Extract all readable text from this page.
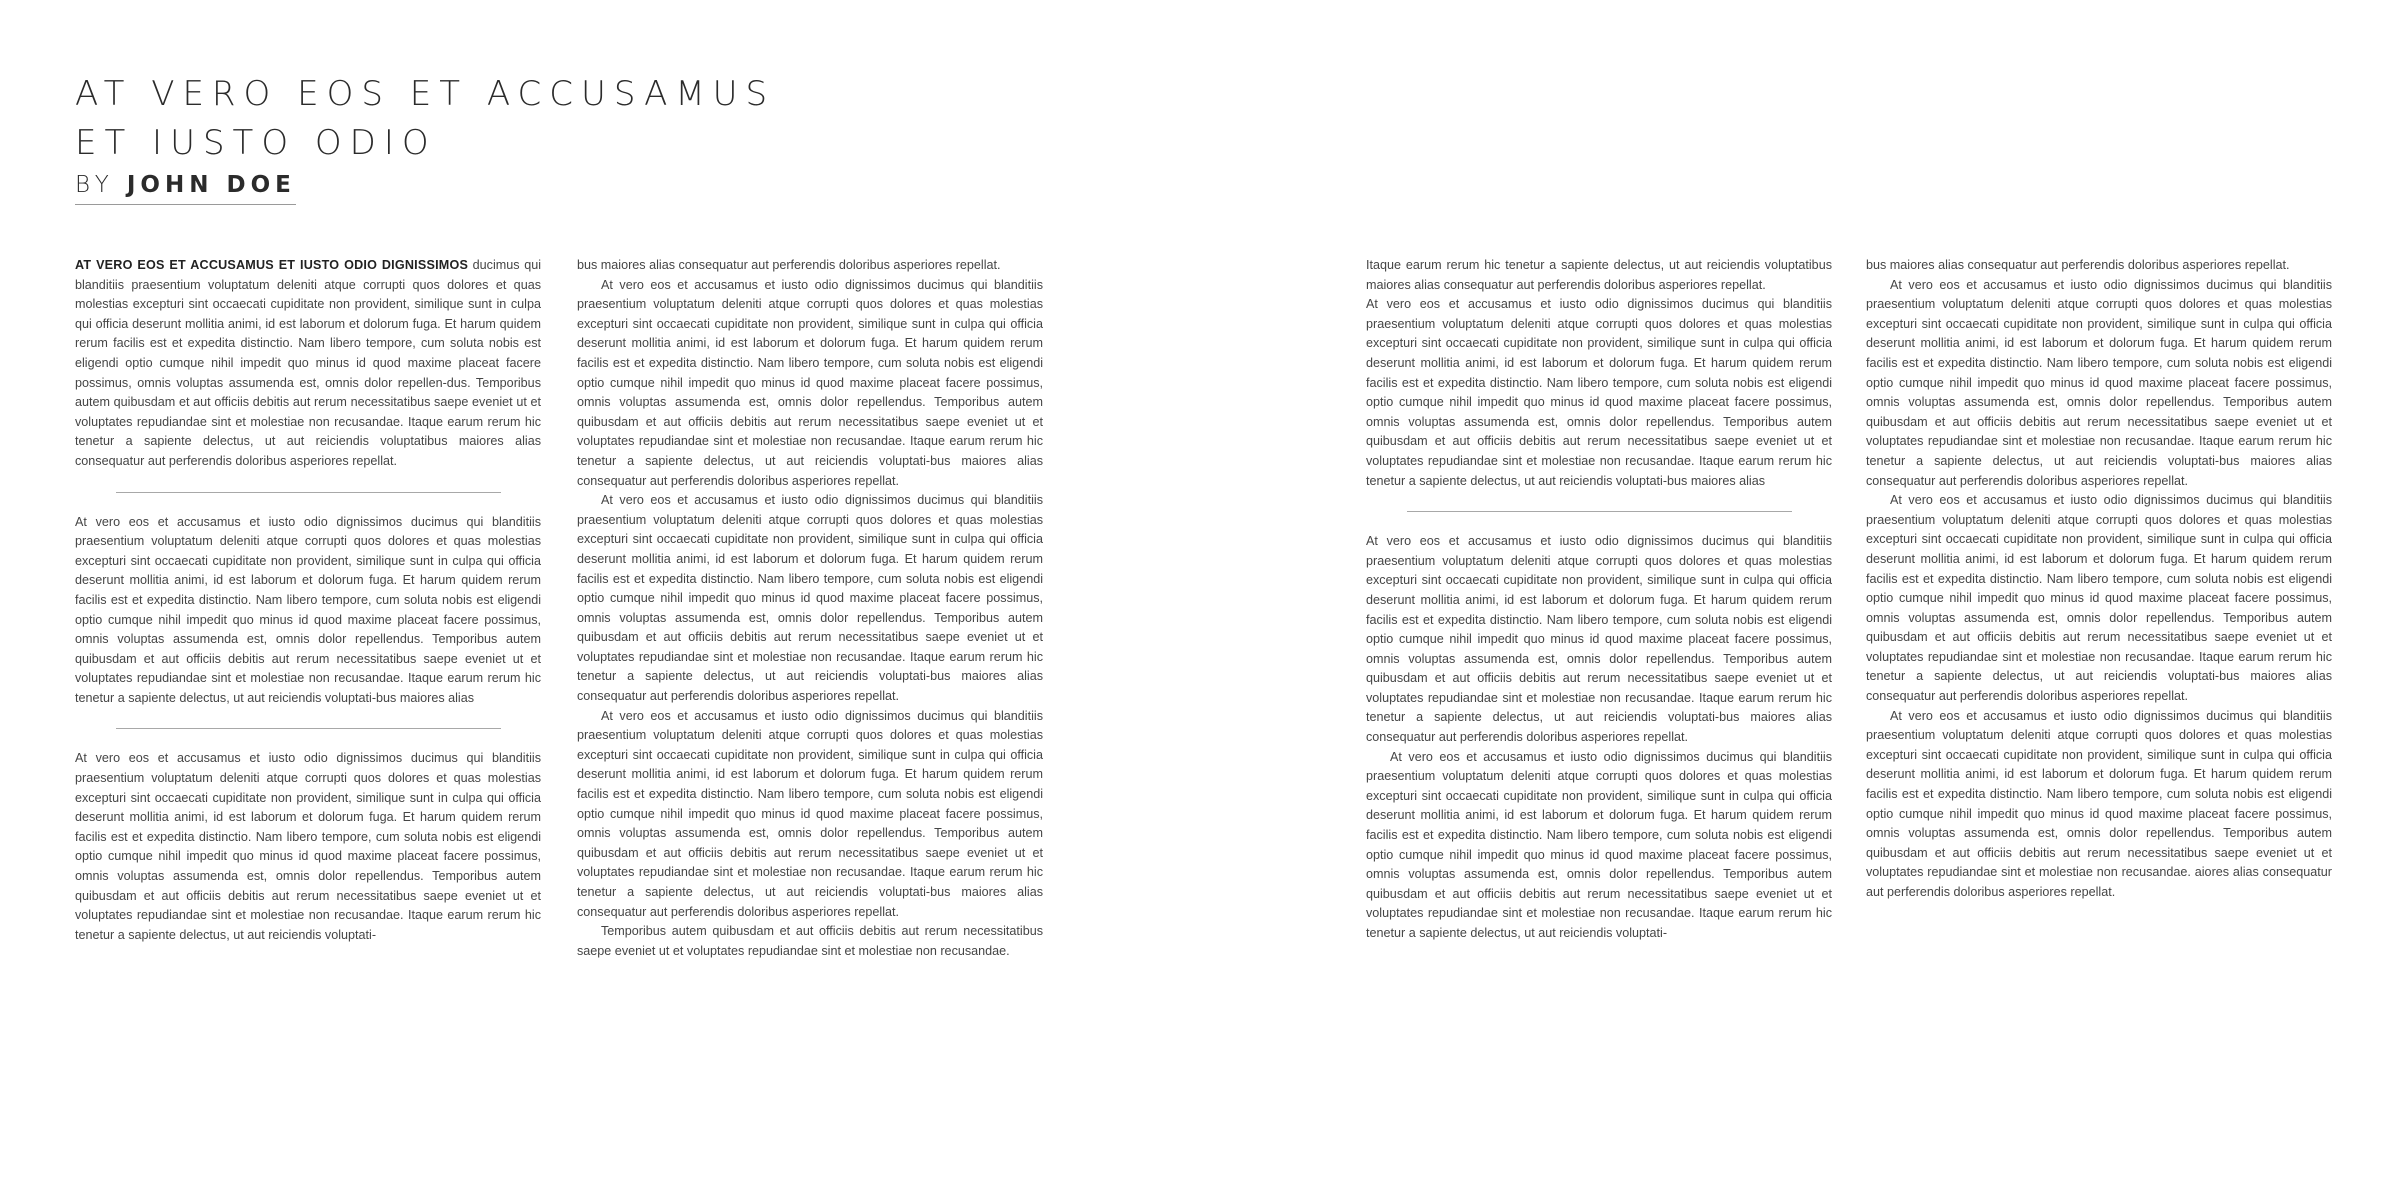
AT VERO EOS ET ACCUSAMUS
ET IUSTO ODIO
BY JOHN DOE

AT VERO EOS ET ACCUSAMUS ET IUSTO ODIO DIGNISSIMOS ducimus qui blanditiis praesentium voluptatum deleniti atque corrupti quos dolores et quas molestias excepturi sint occaecati cupiditate non provident, similique sunt in culpa qui officia deserunt mollitia animi, id est laborum et dolorum fuga. Et harum quidem rerum facilis est et expedita distinctio. Nam libero tempore, cum soluta nobis est eligendi optio cumque nihil impedit quo minus id quod maxime placeat facere possimus, omnis voluptas assumenda est, omnis dolor repellen-dus. Temporibus autem quibusdam et aut officiis debitis aut rerum necessitatibus saepe eveniet ut et voluptates repudiandae sint et molestiae non recusandae. Itaque earum rerum hic tenetur a sapiente delectus, ut aut reiciendis voluptatibus maiores alias consequatur aut perferendis doloribus asperiores repellat.

At vero eos et accusamus et iusto odio dignissimos ducimus qui blanditiis praesentium voluptatum deleniti atque corrupti quos dolores et quas molestias excepturi sint occaecati cupiditate non provident, similique sunt in culpa qui officia deserunt mollitia animi, id est laborum et dolorum fuga. Et harum quidem rerum facilis est et expedita distinctio. Nam libero tempore, cum soluta nobis est eligendi optio cumque nihil impedit quo minus id quod maxime placeat facere possimus, omnis voluptas assumenda est, omnis dolor repellendus. Temporibus autem quibusdam et aut officiis debitis aut rerum necessitatibus saepe eveniet ut et voluptates repudiandae sint et molestiae non recusandae. Itaque earum rerum hic tenetur a sapiente delectus, ut aut reiciendis voluptati-bus maiores alias

At vero eos et accusamus et iusto odio dignissimos ducimus qui blanditiis praesentium voluptatum deleniti atque corrupti quos dolores et quas molestias excepturi sint occaecati cupiditate non provident, similique sunt in culpa qui officia deserunt mollitia animi, id est laborum et dolorum fuga. Et harum quidem rerum facilis est et expedita distinctio. Nam libero tempore, cum soluta nobis est eligendi optio cumque nihil impedit quo minus id quod maxime placeat facere possimus, omnis voluptas assumenda est, omnis dolor repellendus. Temporibus autem quibusdam et aut officiis debitis aut rerum necessitatibus saepe eveniet ut et voluptates repudiandae sint et molestiae non recusandae. Itaque earum rerum hic tenetur a sapiente delectus, ut aut reiciendis voluptati-

bus maiores alias consequatur aut perferendis doloribus asperiores repellat.

At vero eos et accusamus et iusto odio dignissimos ducimus qui blanditiis praesentium voluptatum deleniti atque corrupti quos dolores et quas molestias excepturi sint occaecati cupiditate non provident, similique sunt in culpa qui officia deserunt mollitia animi, id est laborum et dolorum fuga. Et harum quidem rerum facilis est et expedita distinctio. Nam libero tempore, cum soluta nobis est eligendi optio cumque nihil impedit quo minus id quod maxime placeat facere possimus, omnis voluptas assumenda est, omnis dolor repellendus. Temporibus autem quibusdam et aut officiis debitis aut rerum necessitatibus saepe eveniet ut et voluptates repudiandae sint et molestiae non recusandae. Itaque earum rerum hic tenetur a sapiente delectus, ut aut reiciendis voluptati-bus maiores alias consequatur aut perferendis doloribus asperiores repellat.

At vero eos et accusamus et iusto odio dignissimos ducimus qui blanditiis praesentium voluptatum deleniti atque corrupti quos dolores et quas molestias excepturi sint occaecati cupiditate non provident, similique sunt in culpa qui officia deserunt mollitia animi, id est laborum et dolorum fuga. Et harum quidem rerum facilis est et expedita distinctio. Nam libero tempore, cum soluta nobis est eligendi optio cumque nihil impedit quo minus id quod maxime placeat facere possimus, omnis voluptas assumenda est, omnis dolor repellendus. Temporibus autem quibusdam et aut officiis debitis aut rerum necessitatibus saepe eveniet ut et voluptates repudiandae sint et molestiae non recusandae. Itaque earum rerum hic tenetur a sapiente delectus, ut aut reiciendis voluptati-bus maiores alias consequatur aut perferendis doloribus asperiores repellat.

At vero eos et accusamus et iusto odio dignissimos ducimus qui blanditiis praesentium voluptatum deleniti atque corrupti quos dolores et quas molestias excepturi sint occaecati cupiditate non provident, similique sunt in culpa qui officia deserunt mollitia animi, id est laborum et dolorum fuga. Et harum quidem rerum facilis est et expedita distinctio. Nam libero tempore, cum soluta nobis est eligendi optio cumque nihil impedit quo minus id quod maxime placeat facere possimus, omnis voluptas assumenda est, omnis dolor repellendus. Temporibus autem quibusdam et aut officiis debitis aut rerum necessitatibus saepe eveniet ut et voluptates repudiandae sint et molestiae non recusandae. Itaque earum rerum hic tenetur a sapiente delectus, ut aut reiciendis voluptati-bus maiores alias consequatur aut perferendis doloribus asperiores repellat.

Temporibus autem quibusdam et aut officiis debitis aut rerum necessitatibus saepe eveniet ut et voluptates repudiandae sint et molestiae non recusandae.

Itaque earum rerum hic tenetur a sapiente delectus, ut aut reiciendis voluptatibus maiores alias consequatur aut perferendis doloribus asperiores repellat.

At vero eos et accusamus et iusto odio dignissimos ducimus qui blanditiis praesentium voluptatum deleniti atque corrupti quos dolores et quas molestias excepturi sint occaecati cupiditate non provident, similique sunt in culpa qui officia deserunt mollitia animi, id est laborum et dolorum fuga. Et harum quidem rerum facilis est et expedita distinctio. Nam libero tempore, cum soluta nobis est eligendi optio cumque nihil impedit quo minus id quod maxime placeat facere possimus, omnis voluptas assumenda est, omnis dolor repellendus. Temporibus autem quibusdam et aut officiis debitis aut rerum necessitatibus saepe eveniet ut et voluptates repudiandae sint et molestiae non recusandae. Itaque earum rerum hic tenetur a sapiente delectus, ut aut reiciendis voluptati-bus maiores alias

At vero eos et accusamus et iusto odio dignissimos ducimus qui blanditiis praesentium voluptatum deleniti atque corrupti quos dolores et quas molestias excepturi sint occaecati cupiditate non provident, similique sunt in culpa qui officia deserunt mollitia animi, id est laborum et dolorum fuga. Et harum quidem rerum facilis est et expedita distinctio. Nam libero tempore, cum soluta nobis est eligendi optio cumque nihil impedit quo minus id quod maxime placeat facere possimus, omnis voluptas assumenda est, omnis dolor repellendus. Temporibus autem quibusdam et aut officiis debitis aut rerum necessitatibus saepe eveniet ut et voluptates repudiandae sint et molestiae non recusandae. Itaque earum rerum hic tenetur a sapiente delectus, ut aut reiciendis voluptati-bus maiores alias consequatur aut perferendis doloribus asperiores repellat.

At vero eos et accusamus et iusto odio dignissimos ducimus qui blanditiis praesentium voluptatum deleniti atque corrupti quos dolores et quas molestias excepturi sint occaecati cupiditate non provident, similique sunt in culpa qui officia deserunt mollitia animi, id est laborum et dolorum fuga. Et harum quidem rerum facilis est et expedita distinctio. Nam libero tempore, cum soluta nobis est eligendi optio cumque nihil impedit quo minus id quod maxime placeat facere possimus, omnis voluptas assumenda est, omnis dolor repellendus. Temporibus autem quibusdam et aut officiis debitis aut rerum necessitatibus saepe eveniet ut et voluptates repudiandae sint et molestiae non recusandae. Itaque earum rerum hic tenetur a sapiente delectus, ut aut reiciendis voluptati-

bus maiores alias consequatur aut perferendis doloribus asperiores repellat.

At vero eos et accusamus et iusto odio dignissimos ducimus qui blanditiis praesentium voluptatum deleniti atque corrupti quos dolores et quas molestias excepturi sint occaecati cupiditate non provident, similique sunt in culpa qui officia deserunt mollitia animi, id est laborum et dolorum fuga. Et harum quidem rerum facilis est et expedita distinctio. Nam libero tempore, cum soluta nobis est eligendi optio cumque nihil impedit quo minus id quod maxime placeat facere possimus, omnis voluptas assumenda est, omnis dolor repellendus. Temporibus autem quibusdam et aut officiis debitis aut rerum necessitatibus saepe eveniet ut et voluptates repudiandae sint et molestiae non recusandae. Itaque earum rerum hic tenetur a sapiente delectus, ut aut reiciendis voluptati-bus maiores alias consequatur aut perferendis doloribus asperiores repellat.

At vero eos et accusamus et iusto odio dignissimos ducimus qui blanditiis praesentium voluptatum deleniti atque corrupti quos dolores et quas molestias excepturi sint occaecati cupiditate non provident, similique sunt in culpa qui officia deserunt mollitia animi, id est laborum et dolorum fuga. Et harum quidem rerum facilis est et expedita distinctio. Nam libero tempore, cum soluta nobis est eligendi optio cumque nihil impedit quo minus id quod maxime placeat facere possimus, omnis voluptas assumenda est, omnis dolor repellendus. Temporibus autem quibusdam et aut officiis debitis aut rerum necessitatibus saepe eveniet ut et voluptates repudiandae sint et molestiae non recusandae. Itaque earum rerum hic tenetur a sapiente delectus, ut aut reiciendis voluptati-bus maiores alias consequatur aut perferendis doloribus asperiores repellat.

At vero eos et accusamus et iusto odio dignissimos ducimus qui blanditiis praesentium voluptatum deleniti atque corrupti quos dolores et quas molestias excepturi sint occaecati cupiditate non provident, similique sunt in culpa qui officia deserunt mollitia animi, id est laborum et dolorum fuga. Et harum quidem rerum facilis est et expedita distinctio. Nam libero tempore, cum soluta nobis est eligendi optio cumque nihil impedit quo minus id quod maxime placeat facere possimus, omnis voluptas assumenda est, omnis dolor repellendus. Temporibus autem quibusdam et aut officiis debitis aut rerum necessitatibus saepe eveniet ut et voluptates repudiandae sint et molestiae non recusandae. aiores alias consequatur aut perferendis doloribus asperiores repellat.
